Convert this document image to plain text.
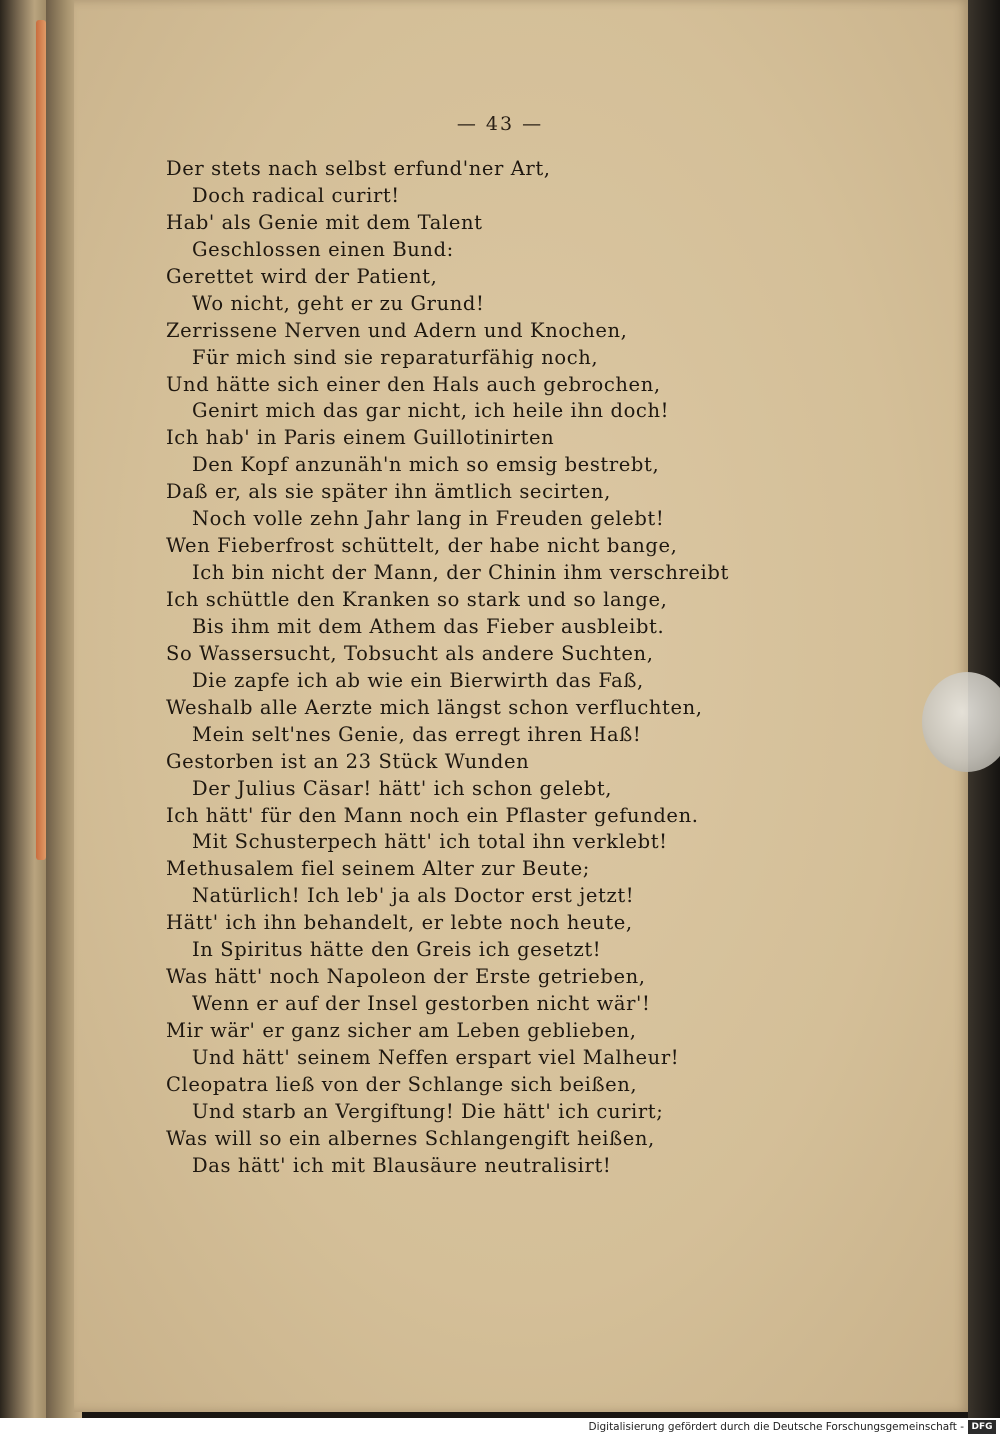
— 43 —
Der stets nach selbst erfund'ner Art,
Doch radical curirt!
Hab' als Genie mit dem Talent
Geschlossen einen Bund:
Gerettet wird der Patient,
Wo nicht, geht er zu Grund!
Zerrissene Nerven und Adern und Knochen,
Für mich sind sie reparaturfähig noch,
Und hätte sich einer den Hals auch gebrochen,
Genirt mich das gar nicht, ich heile ihn doch!
Ich hab' in Paris einem Guillotinirten
Den Kopf anzunäh'n mich so emsig bestrebt,
Daß er, als sie später ihn ämtlich secirten,
Noch volle zehn Jahr lang in Freuden gelebt!
Wen Fieberfrost schüttelt, der habe nicht bange,
Ich bin nicht der Mann, der Chinin ihm verschreibt
Ich schüttle den Kranken so stark und so lange,
Bis ihm mit dem Athem das Fieber ausbleibt.
So Wassersucht, Tobsucht als andere Suchten,
Die zapfe ich ab wie ein Bierwirth das Faß,
Weshalb alle Aerzte mich längst schon verfluchten,
Mein selt'nes Genie, das erregt ihren Haß!
Gestorben ist an 23 Stück Wunden
Der Julius Cäsar! hätt' ich schon gelebt,
Ich hätt' für den Mann noch ein Pflaster gefunden.
Mit Schusterpech hätt' ich total ihn verklebt!
Methusalem fiel seinem Alter zur Beute;
Natürlich! Ich leb' ja als Doctor erst jetzt!
Hätt' ich ihn behandelt, er lebte noch heute,
In Spiritus hätte den Greis ich gesetzt!
Was hätt' noch Napoleon der Erste getrieben,
Wenn er auf der Insel gestorben nicht wär'!
Mir wär' er ganz sicher am Leben geblieben,
Und hätt' seinem Neffen erspart viel Malheur!
Cleopatra ließ von der Schlange sich beißen,
Und starb an Vergiftung! Die hätt' ich curirt;
Was will so ein albernes Schlangengift heißen,
Das hätt' ich mit Blausäure neutralisirt!
Digitalisierung gefördert durch die Deutsche Forschungsgemeinschaft - DFG
